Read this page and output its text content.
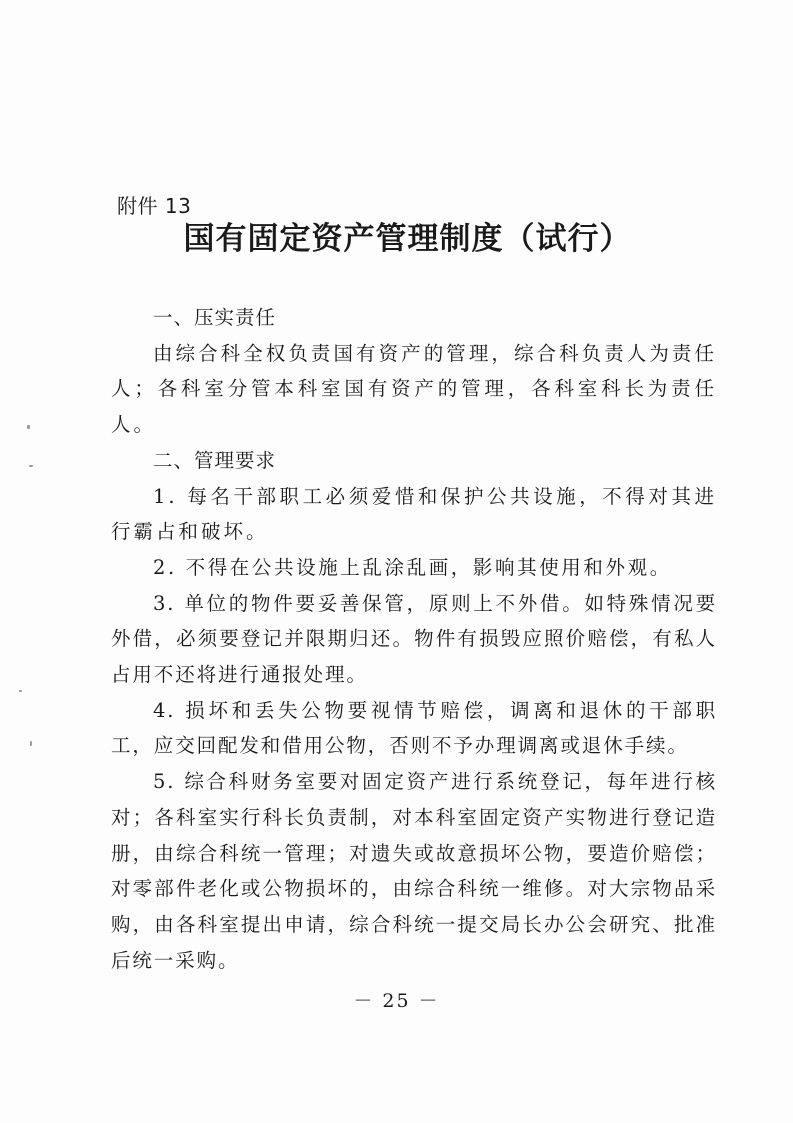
附件 13
国有固定资产管理制度（试行）

一、压实责任

由综合科全权负责国有资产的管理，综合科负责人为责任人；各科室分管本科室国有资产的管理，各科室科长为责任人。

二、管理要求

1. 每名干部职工必须爱惜和保护公共设施，不得对其进行霸占和破坏。

2. 不得在公共设施上乱涂乱画，影响其使用和外观。

3. 单位的物件要妥善保管，原则上不外借。如特殊情况要外借，必须要登记并限期归还。物件有损毁应照价赔偿，有私人占用不还将进行通报处理。

4. 损坏和丢失公物要视情节赔偿，调离和退休的干部职工，应交回配发和借用公物，否则不予办理调离或退休手续。

5. 综合科财务室要对固定资产进行系统登记，每年进行核对；各科室实行科长负责制，对本科室固定资产实物进行登记造册，由综合科统一管理；对遗失或故意损坏公物，要造价赔偿；对零部件老化或公物损坏的，由综合科统一维修。对大宗物品采购，由各科室提出申请，综合科统一提交局长办公会研究、批准后统一采购。

－ 25 －
